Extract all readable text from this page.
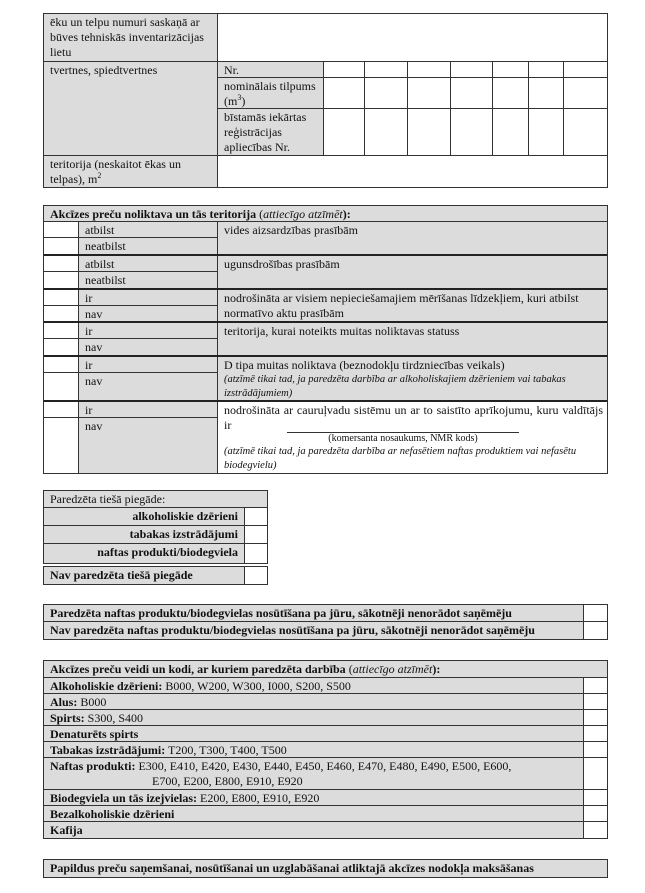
ēku un telpu numuri saskaņā ar būves tehniskās inventarizācijas lietu
tvertnes, spiedtvertnes	Nr.
nominālais tilpums $(m^3)$
bīstamās iekārtas reģistrācijas apliecības Nr.
teritorija (neskaitot ēkas un telpas), $m^2$
Akcīzes preču noliktava un tās teritorija (attiecīgo atzīmēt):
atbilst
neatbilst
vides aizsardzības prasībām
atbilst
neatbilst
ugunsdrošības prasībām
ir
nav
nodrošināta ar visiem nepieciešamajiem mērīšanas līdzekļiem, kuri atbilst normatīvo aktu prasībām
ir
nav
teritorija, kurai noteikts muitas noliktavas statuss
ir
nav
D tipa muitas noliktava (beznodokļu tirdzniecības veikals)
(atzīmē tikai tad, ja paredzēta darbība ar alkoholiskajiem dzērieniem vai tabakas izstrādājumiem)
ir
nav
nodrošināta ar cauruļvadu sistēmu un ar to saistīto aprīkojumu, kuru valdītājs ir
(komersanta nosaukums, NMR kods)
(atzīmē tikai tad, ja paredzēta darbība ar nefasētiem naftas produktiem vai nefasētu biodegvielu)
Paredzēta tiešā piegāde:
alkoholiskie dzērieni
tabakas izstrādājumi
naftas produkti/biodegviela
Nav paredzēta tiešā piegāde
Paredzēta naftas produktu/biodegvielas nosūtīšana pa jūru, sākotnēji nenorādot saņēmēju
Nav paredzēta naftas produktu/biodegvielas nosūtīšana pa jūru, sākotnēji nenorādot saņēmēju
Akcīzes preču veidi un kodi, ar kuriem paredzēta darbība (attiecīgo atzīmēt):
Alkoholiskie dzērieni: B000, W200, W300, I000, S200, S500
Alus: B000
Spirts: S300, S400
Denaturēts spirts
Tabakas izstrādājumi: T200, T300, T400, T500
Naftas produkti: E300, E410, E420, E430, E440, E450, E460, E470, E480, E490, E500, E600,
E700, E200, E800, E910, E920
Biodegviela un tās izejvielas: E200, E800, E910, E920
Bezalkoholiskie dzērieni
Kafija
Papildus preču saņemšanai, nosūtīšanai un uzglabāšanai atliktajā akcīzes nodokļa maksāšanas
